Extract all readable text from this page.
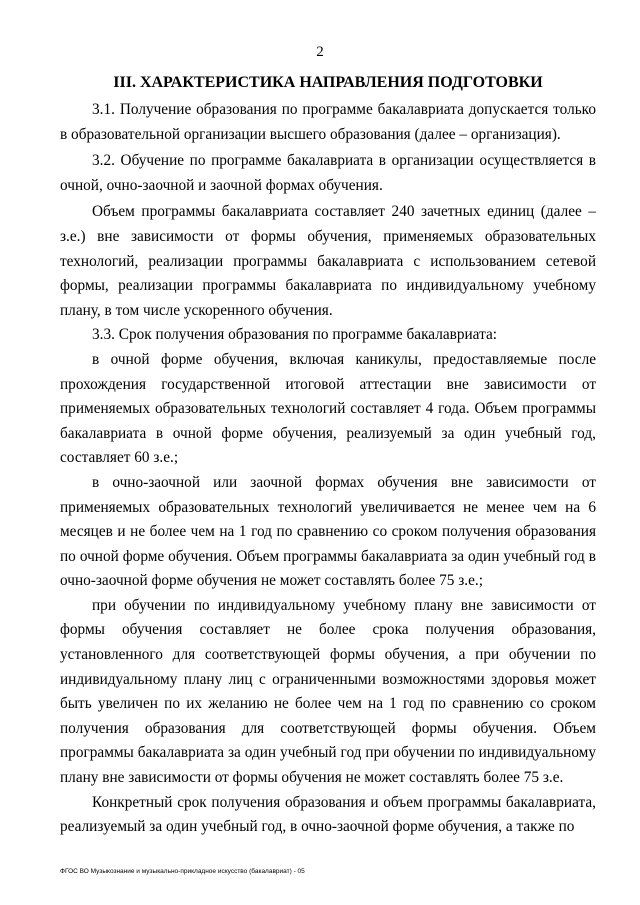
2
III. ХАРАКТЕРИСТИКА НАПРАВЛЕНИЯ ПОДГОТОВКИ

3.1. Получение образования по программе бакалавриата допускается только в образовательной организации высшего образования (далее – организация).

3.2. Обучение по программе бакалавриата в организации осуществляется в очной, очно-заочной и заочной формах обучения.

Объем программы бакалавриата составляет 240 зачетных единиц (далее – з.е.) вне зависимости от формы обучения, применяемых образовательных технологий, реализации программы бакалавриата с использованием сетевой формы, реализации программы бакалавриата по индивидуальному учебному плану, в том числе ускоренного обучения.

3.3. Срок получения образования по программе бакалавриата:

в очной форме обучения, включая каникулы, предоставляемые после прохождения государственной итоговой аттестации вне зависимости от применяемых образовательных технологий составляет 4 года. Объем программы бакалавриата в очной форме обучения, реализуемый за один учебный год, составляет 60 з.е.;

в очно-заочной или заочной формах обучения вне зависимости от применяемых образовательных технологий увеличивается не менее чем на 6 месяцев и не более чем на 1 год по сравнению со сроком получения образования по очной форме обучения. Объем программы бакалавриата за один учебный год в очно-заочной форме обучения не может составлять более 75 з.е.;

при обучении по индивидуальному учебному плану вне зависимости от формы обучения составляет не более срока получения образования, установленного для соответствующей формы обучения, а при обучении по индивидуальному плану лиц с ограниченными возможностями здоровья может быть увеличен по их желанию не более чем на 1 год по сравнению со сроком получения образования для соответствующей формы обучения. Объем программы бакалавриата за один учебный год при обучении по индивидуальному плану вне зависимости от формы обучения не может составлять более 75 з.е.

Конкретный срок получения образования и объем программы бакалавриата, реализуемый за один учебный год, в очно-заочной форме обучения, а также по

ФГОС ВО Музыкознание и музыкально-прикладное искусство (бакалавриат) - 05
